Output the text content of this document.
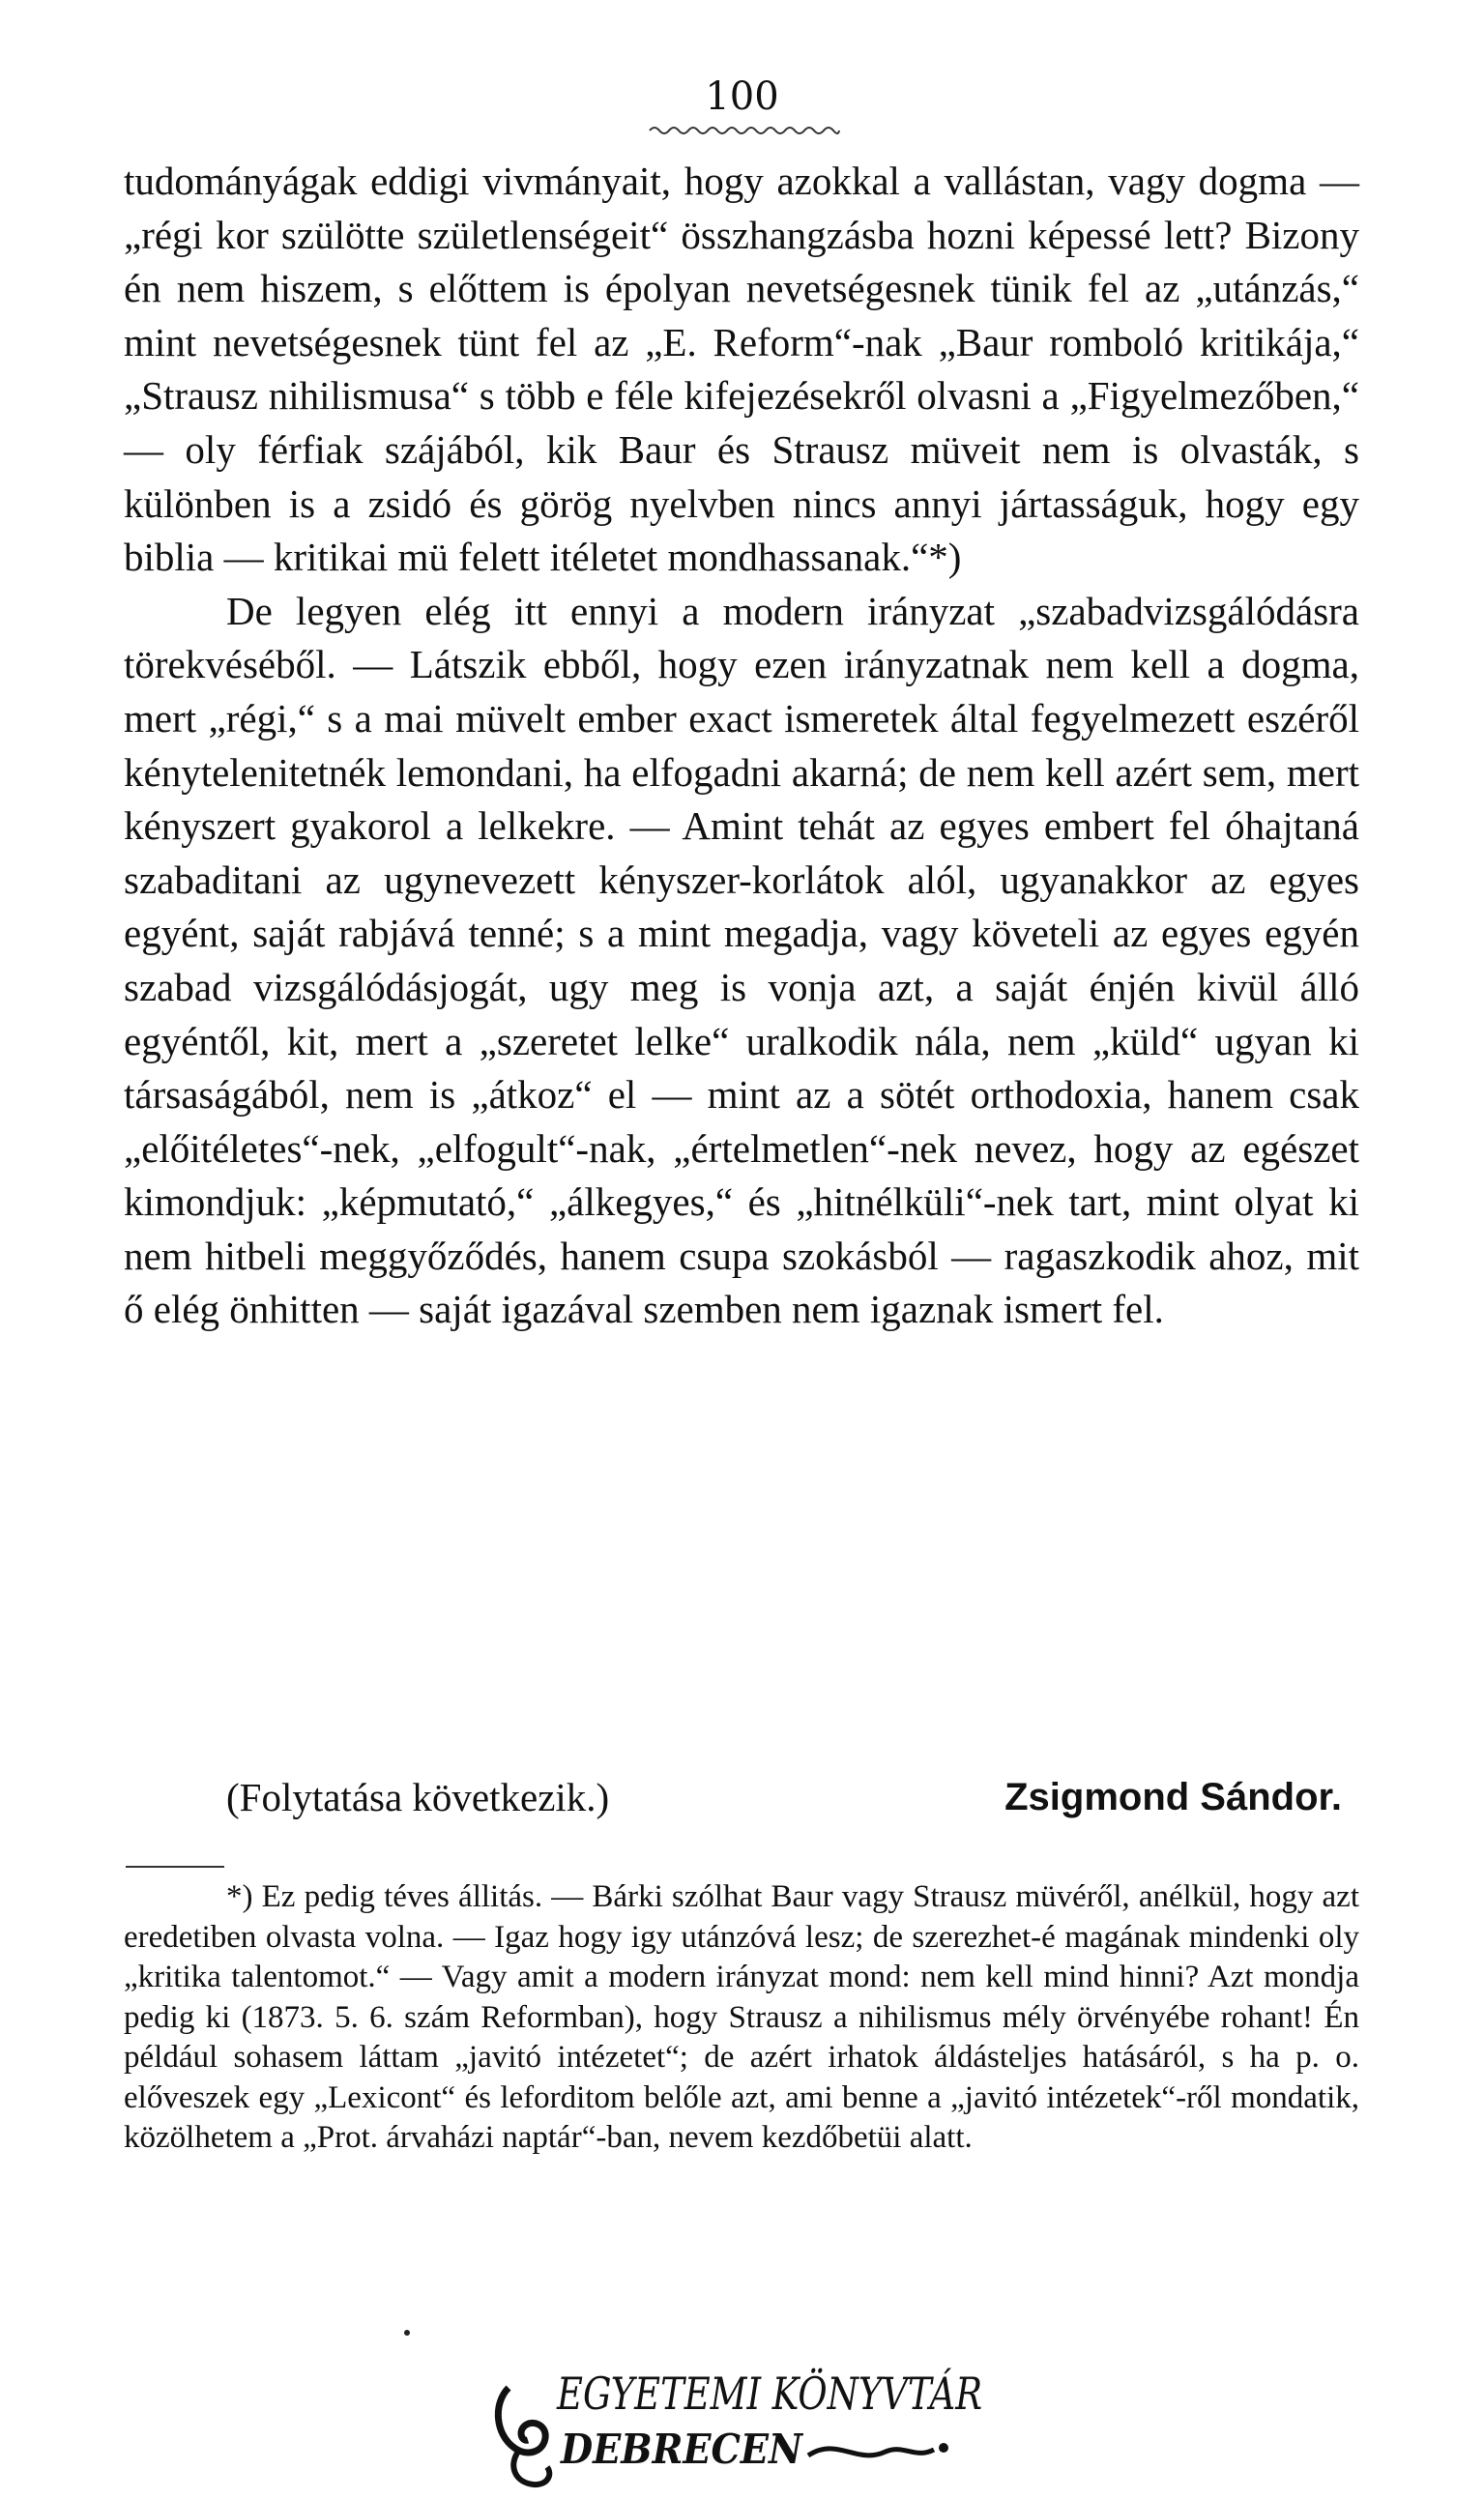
100

tudományágak eddigi vivmányait, hogy azokkal a vallástan, vagy dogma — „régi kor szülötte születlenségeit“ összhangzásba hozni képessé lett? Bizony én nem hiszem, s előttem is épolyan nevetségesnek tünik fel az „utánzás,“ mint nevetségesnek tünt fel az „E. Reform“-nak „Baur romboló kritikája,“ „Strausz nihilismusa“ s több e féle kifejezésekről olvasni a „Figyelmezőben,“ — oly férfiak szájából, kik Baur és Strausz müveit nem is olvasták, s különben is a zsidó és görög nyelvben nincs annyi jártasságuk, hogy egy biblia — kritikai mü felett itéletet mondhassanak.“*)

De legyen elég itt ennyi a modern irányzat „szabadvizsgálódásra törekvéséből. — Látszik ebből, hogy ezen irányzatnak nem kell a dogma, mert „régi,“ s a mai müvelt ember exact ismeretek által fegyelmezett eszéről kénytelenitetnék lemondani, ha elfogadni akarná; de nem kell azért sem, mert kényszert gyakorol a lelkekre. — Amint tehát az egyes embert fel óhajtaná szabaditani az ugynevezett kényszer-korlátok alól, ugyanakkor az egyes egyént, saját rabjává tenné; s a mint megadja, vagy követeli az egyes egyén szabad vizsgálódásjogát, ugy meg is vonja azt, a saját énjén kivül álló egyéntől, kit, mert a „szeretet lelke“ uralkodik nála, nem „küld“ ugyan ki társaságából, nem is „átkoz“ el — mint az a sötét orthodoxia, hanem csak „előitéletes“-nek, „elfogult“-nak, „értelmetlen“-nek nevez, hogy az egészet kimondjuk: „képmutató,“ „álkegyes,“ és „hitnélküli“-nek tart, mint olyat ki nem hitbeli meggyőződés, hanem csupa szokásból — ragaszkodik ahoz, mit ő elég önhitten — saját igazával szemben nem igaznak ismert fel.

(Folytatása következik.)	Zsigmond Sándor.

*) Ez pedig téves állitás. — Bárki szólhat Baur vagy Strausz müvéről, anélkül, hogy azt eredetiben olvasta volna. — Igaz hogy igy utánzóvá lesz; de szerezhet-é magának mindenki oly „kritika talentomot.“ — Vagy amit a modern irányzat mond: nem kell mind hinni? Azt mondja pedig ki (1873. 5. 6. szám Reformban), hogy Strausz a nihilismus mély örvényébe rohant! Én például sohasem láttam „javitó intézetet“; de azért irhatok áldásteljes hatásáról, s ha p. o. előveszek egy „Lexicont“ és leforditom belőle azt, ami benne a „javitó intézetek“-ről mondatik, közölhetem a „Prot. árvaházi naptár“-ban, nevem kezdőbetüi alatt.

EGYETEMI KÖNYVTÁR
DEBRECEN
